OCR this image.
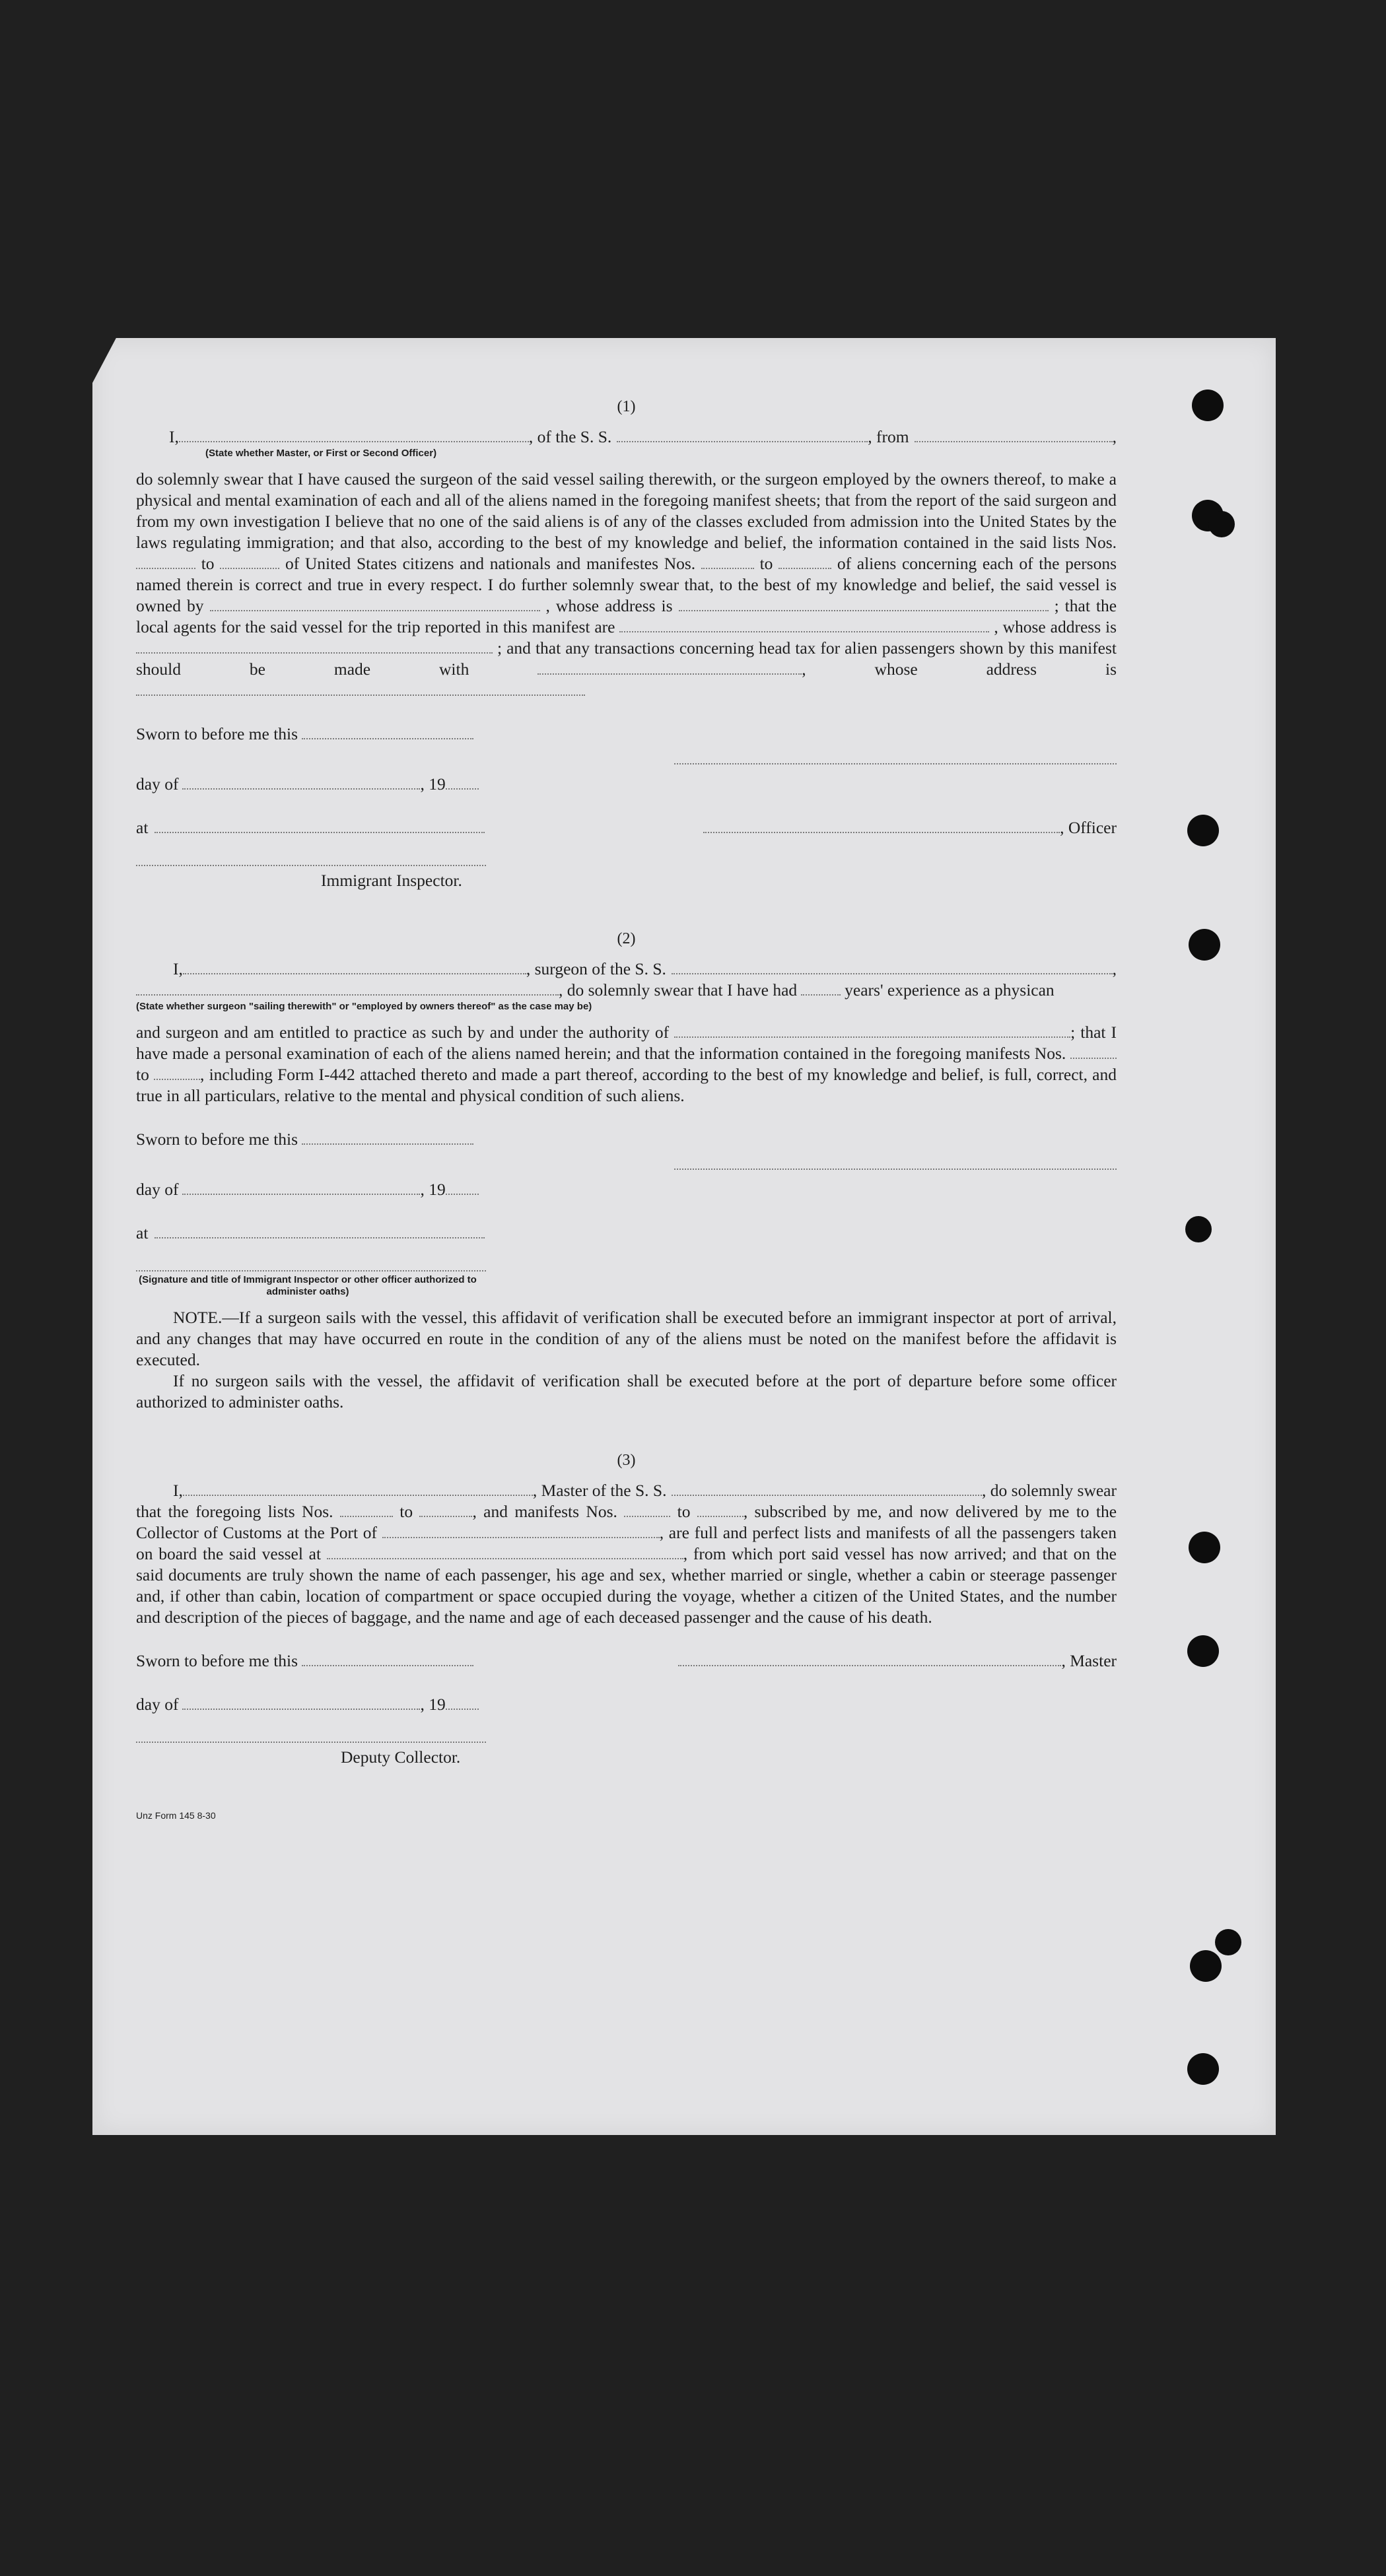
(1)

I,	, of the S. S.	, from	,
(State whether Master, or First or Second Officer)

do solemnly swear that I have caused the surgeon of the said vessel sailing therewith, or the surgeon employed by the owners thereof, to make a physical and mental examination of each and all of the aliens named in the foregoing manifest sheets; that from the report of the said surgeon and from my own investigation I believe that no one of the said aliens is of any of the classes excluded from admission into the United States by the laws regulating immigration; and that also, according to the best of my knowledge and belief, the information contained in the said lists Nos.  to	of United States citizens and nationals and manifestes Nos.	to	of aliens concerning each of the persons named therein is correct and true in every respect. I do further solemnly swear that, to the best of my knowledge and belief, the said vessel is owned by	, whose address is	; that the local agents for the said vessel for the trip reported in this manifest are	, whose address is  ; and that any transactions concerning head tax for alien passengers shown by this manifest should be made with	, whose address is

Sworn to before me this
day of	, 19
at	, Officer
Immigrant Inspector.

(2)

I,	, surgeon of the S. S.	,
, do solemnly swear that I have had	years' experience as a physican
(State whether surgeon "sailing therewith" or "employed by owners thereof" as the case may be)

and surgeon and am entitled to practice as such by and under the authority of	; that I have made a personal examination of each of the aliens named herein; and that the information contained in the foregoing manifests Nos.  to	, including Form I-442 attached thereto and made a part thereof, according to the best of my knowledge and belief, is full, correct, and true in all particulars, relative to the mental and physical condition of such aliens.

Sworn to before me this
day of	, 19
at
(Signature and title of Immigrant Inspector or other officer authorized to administer oaths)

NOTE.—If a surgeon sails with the vessel, this affidavit of verification shall be executed before an immigrant inspector at port of arrival, and any changes that may have occurred en route in the condition of any of the aliens must be noted on the manifest before the affidavit is executed.

If no surgeon sails with the vessel, the affidavit of verification shall be executed before at the port of departure before some officer authorized to administer oaths.

(3)

I,	, Master of the S. S.	, do solemnly swear

that the foregoing lists Nos.	to	, and manifests Nos.	to	, subscribed by me, and now delivered by me to the Collector of Customs at the Port of	, are full and perfect lists and manifests of all the passengers taken on board the said vessel at	, from which port said vessel has now arrived; and that on the said documents are truly shown the name of each passenger, his age and sex, whether married or single, whether a cabin or steerage passenger and, if other than cabin, location of compartment or space occupied during the voyage, whether a citizen of the United States, and the number and description of the pieces of baggage, and the name and age of each deceased passenger and the cause of his death.

Sworn to before me this	, Master
day of	, 19
Deputy Collector.
Unz Form 145 8-30
